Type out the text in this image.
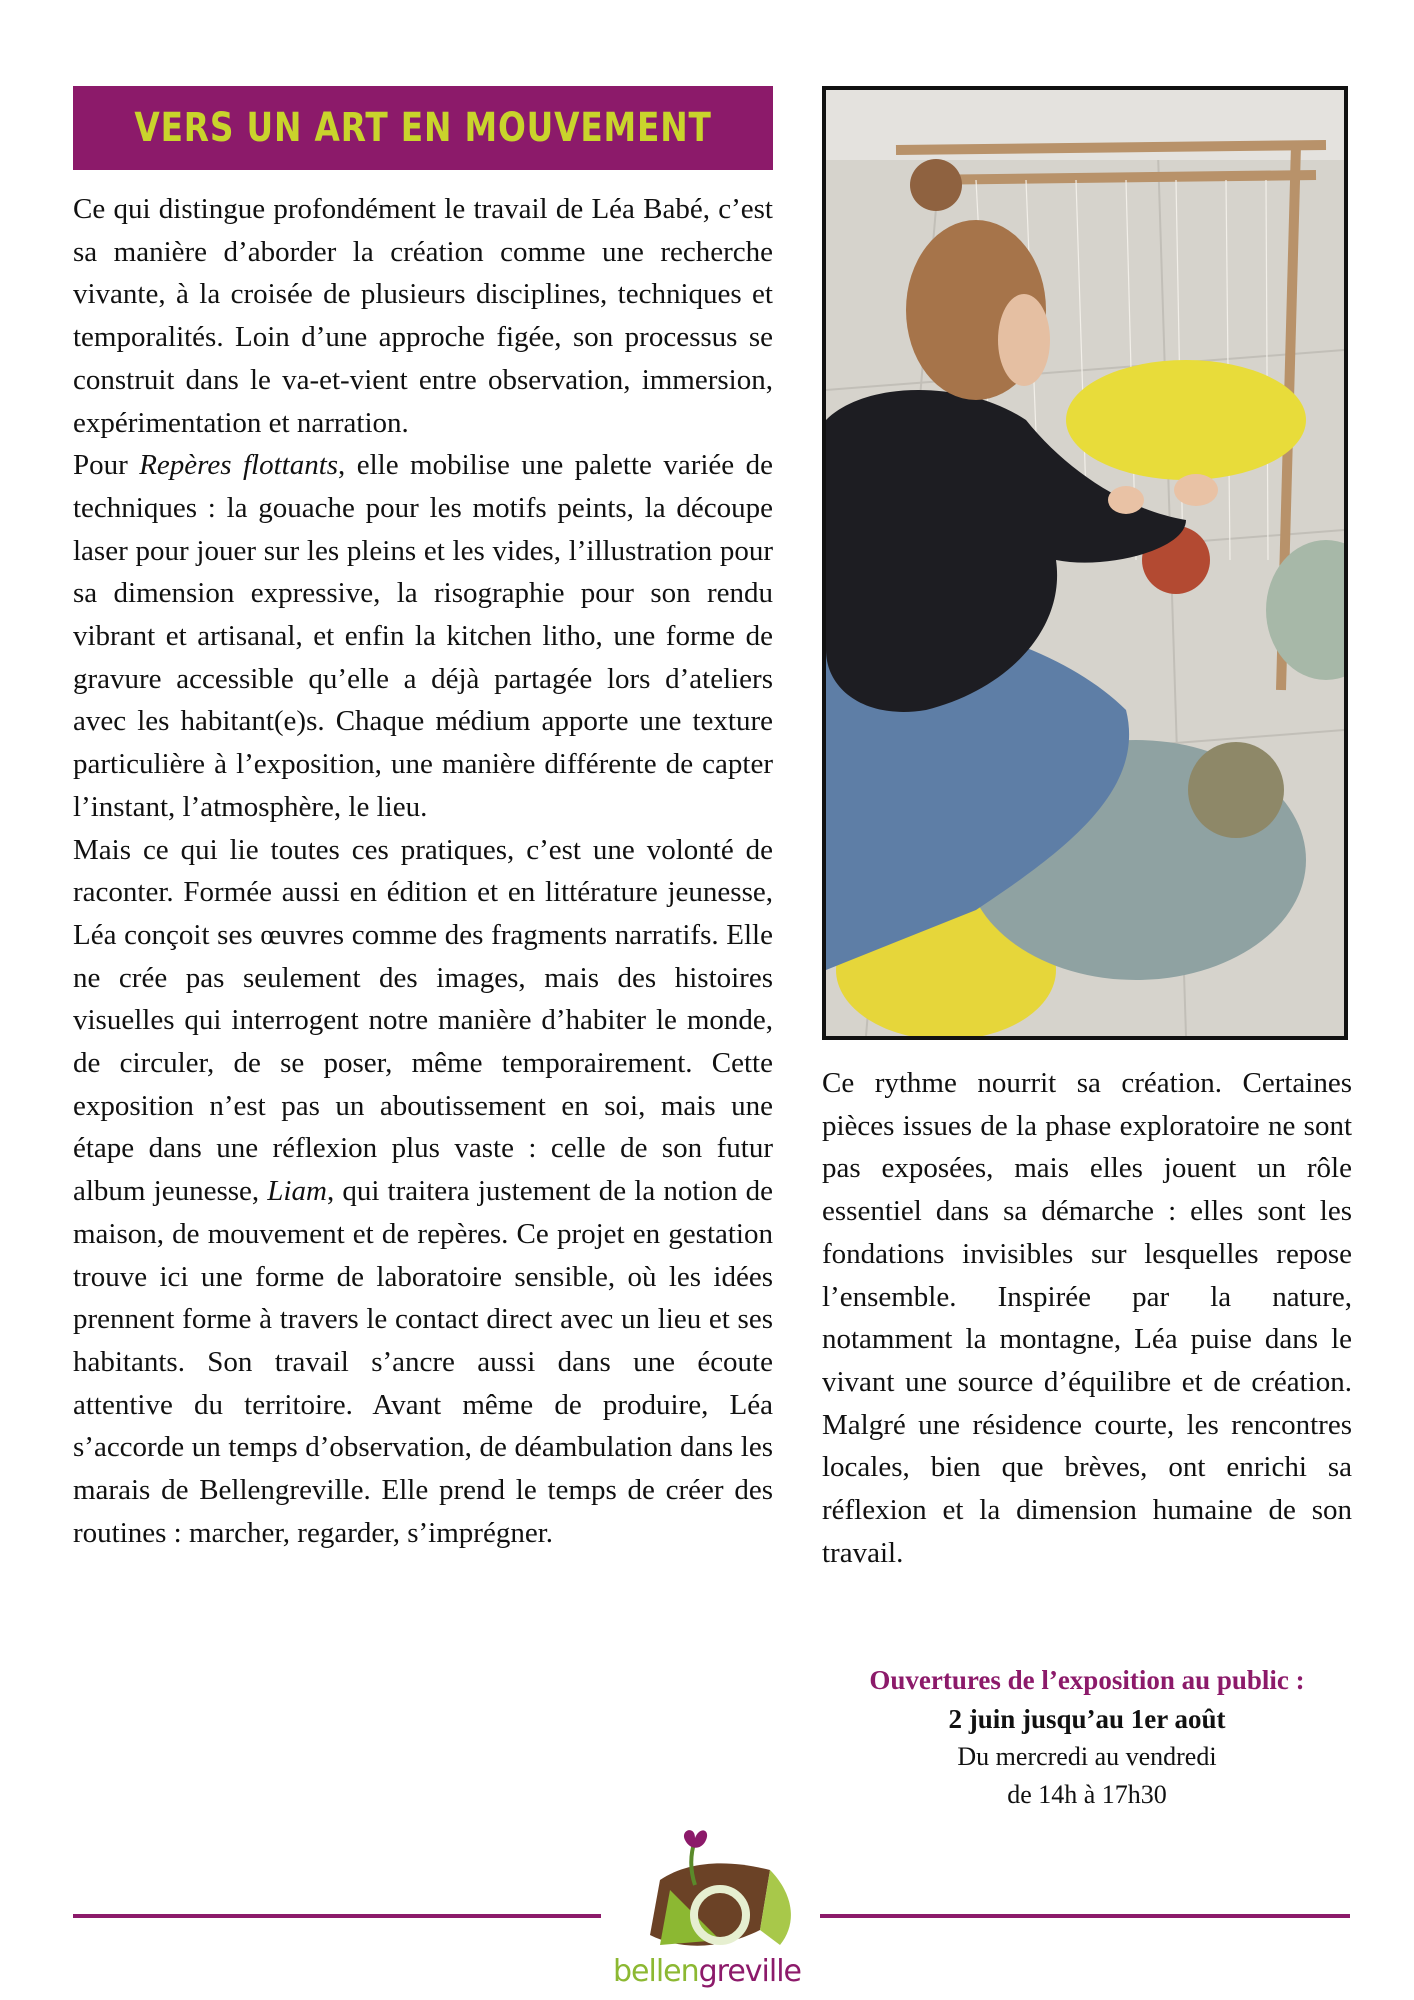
VERS UN ART EN MOUVEMENT

Ce qui distingue profondément le travail de Léa Babé, c’est sa manière d’aborder la création comme une recherche vivante, à la croisée de plusieurs disciplines, techniques et temporalités. Loin d’une approche figée, son processus se construit dans le va-et-vient entre observation, immersion, expérimentation et narration.

Pour Repères flottants, elle mobilise une palette variée de techniques : la gouache pour les motifs peints, la découpe laser pour jouer sur les pleins et les vides, l’illustration pour sa dimension expressive, la risographie pour son rendu vibrant et artisanal, et enfin la kitchen litho, une forme de gravure accessible qu’elle a déjà partagée lors d’ateliers avec les habitant(e)s. Chaque médium apporte une texture particulière à l’exposition, une manière différente de capter l’instant, l’atmosphère, le lieu.

Mais ce qui lie toutes ces pratiques, c’est une volonté de raconter. Formée aussi en édition et en littérature jeunesse, Léa conçoit ses œuvres comme des fragments narratifs. Elle ne crée pas seulement des images, mais des histoires visuelles qui interrogent notre manière d’habiter le monde, de circuler, de se poser, même temporairement. Cette exposition n’est pas un aboutissement en soi, mais une étape dans une réflexion plus vaste : celle de son futur album jeunesse, Liam, qui traitera justement de la notion de maison, de mouvement et de repères. Ce projet en gestation trouve ici une forme de laboratoire sensible, où les idées prennent forme à travers le contact direct avec un lieu et ses habitants. Son travail s’ancre aussi dans une écoute attentive du territoire. Avant même de produire, Léa s’accorde un temps d’observation, de déambulation dans les marais de Bellengreville. Elle prend le temps de créer des routines : marcher, regarder, s’imprégner.

Ce rythme nourrit sa création. Certaines pièces issues de la phase exploratoire ne sont pas exposées, mais elles jouent un rôle essentiel dans sa démarche : elles sont les fondations invisibles sur lesquelles repose l’ensemble. Inspirée par la nature, notamment la montagne, Léa puise dans le vivant une source d’équilibre et de création. Malgré une résidence courte, les rencontres locales, bien que brèves, ont enrichi sa réflexion et la dimension humaine de son travail.

Ouvertures de l’exposition au public :
2 juin jusqu’au 1er août
Du mercredi au vendredi
de 14h à 17h30
bellengreville
